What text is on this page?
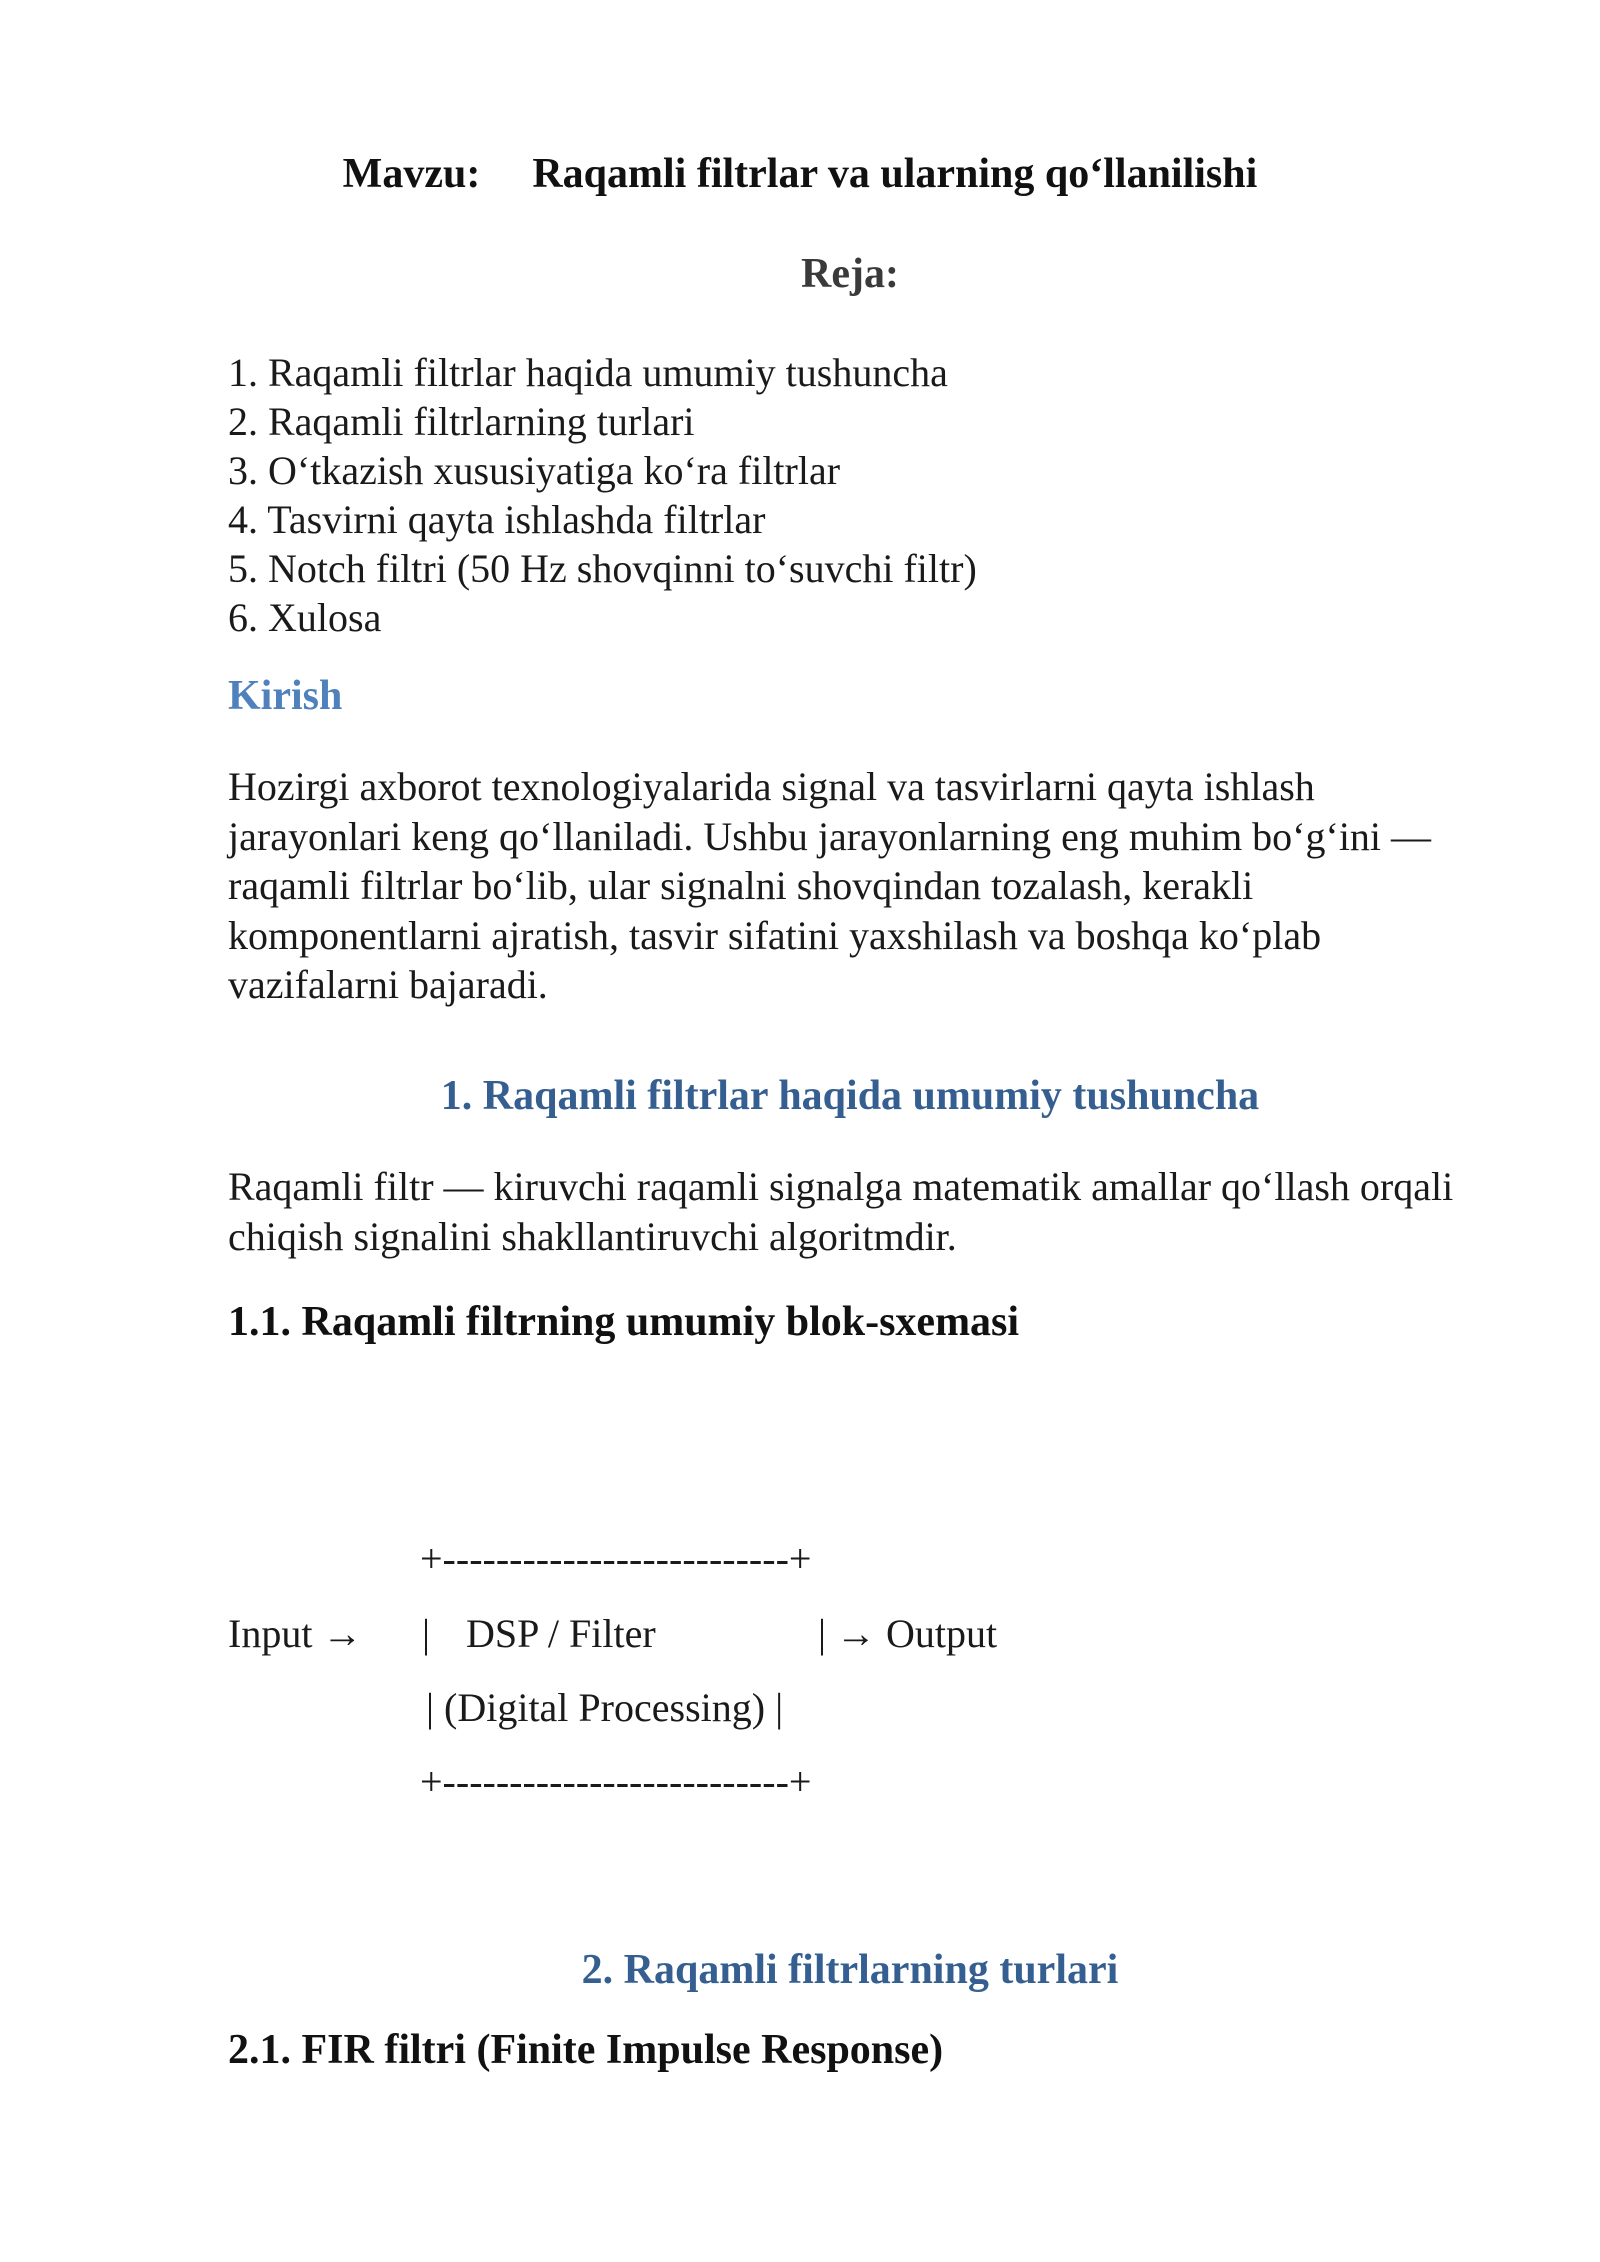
Mavzu: Raqamli filtrlar va ularning qo‘llanilishi
Reja:
1. Raqamli filtrlar haqida umumiy tushuncha
2. Raqamli filtrlarning turlari
3. O‘tkazish xususiyatiga ko‘ra filtrlar
4. Tasvirni qayta ishlashda filtrlar
5. Notch filtri (50 Hz shovqinni to‘suvchi filtr)
6. Xulosa
Kirish
Hozirgi axborot texnologiyalarida signal va tasvirlarni qayta ishlash jarayonlari keng qo‘llaniladi. Ushbu jarayonlarning eng muhim bo‘g‘ini — raqamli filtrlar bo‘lib, ular signalni shovqindan tozalash, kerakli komponentlarni ajratish, tasvir sifatini yaxshilash va boshqa ko‘plab vazifalarni bajaradi.
1. Raqamli filtrlar haqida umumiy tushuncha
Raqamli filtr — kiruvchi raqamli signalga matematik amallar qo‘llash orqali chiqish signalini shakllantiruvchi algoritmdir.
1.1. Raqamli filtrning umumiy blok-sxemasi
+--------------------------+
Input → | DSP / Filter	| → Output
| (Digital Processing) |
+--------------------------+
2. Raqamli filtrlarning turlari
2.1. FIR filtri (Finite Impulse Response)
